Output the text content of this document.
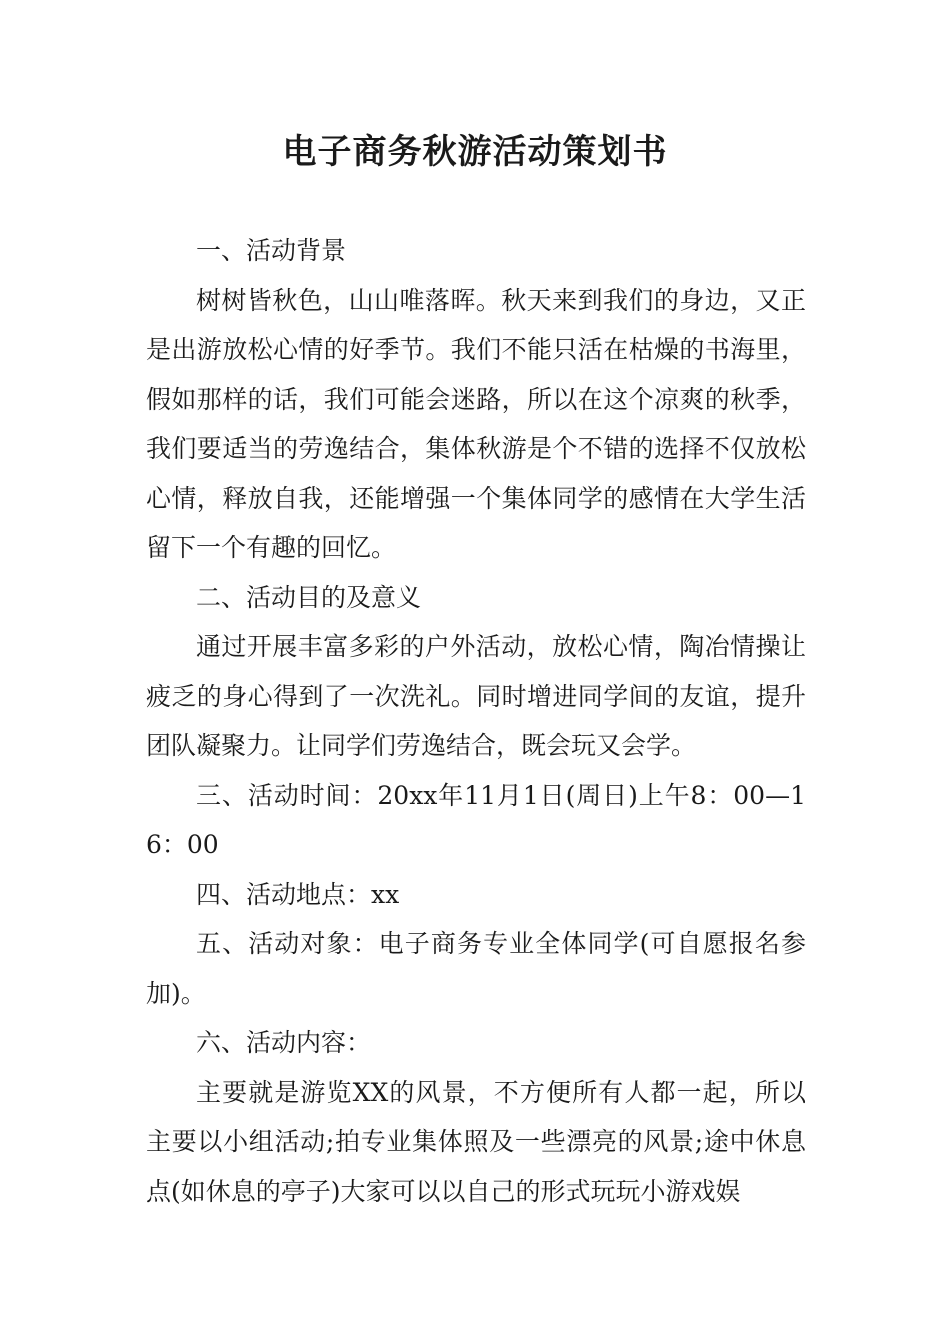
电子商务秋游活动策划书

一、活动背景

树树皆秋色，山山唯落晖。秋天来到我们的身边，又正是出游放松心情的好季节。我们不能只活在枯燥的书海里，假如那样的话，我们可能会迷路，所以在这个凉爽的秋季，我们要适当的劳逸结合，集体秋游是个不错的选择不仅放松心情，释放自我，还能增强一个集体同学的感情在大学生活留下一个有趣的回忆。

二、活动目的及意义

通过开展丰富多彩的户外活动，放松心情，陶冶情操让疲乏的身心得到了一次洗礼。同时增进同学间的友谊，提升团队凝聚力。让同学们劳逸结合，既会玩又会学。

三、活动时间：20xx年11月1日(周日)上午8：00—16：00

四、活动地点：xx

五、活动对象：电子商务专业全体同学(可自愿报名参加)。

六、活动内容：

主要就是游览XX的风景，不方便所有人都一起，所以主要以小组活动;拍专业集体照及一些漂亮的风景;途中休息点(如休息的亭子)大家可以以自己的形式玩玩小游戏娱
